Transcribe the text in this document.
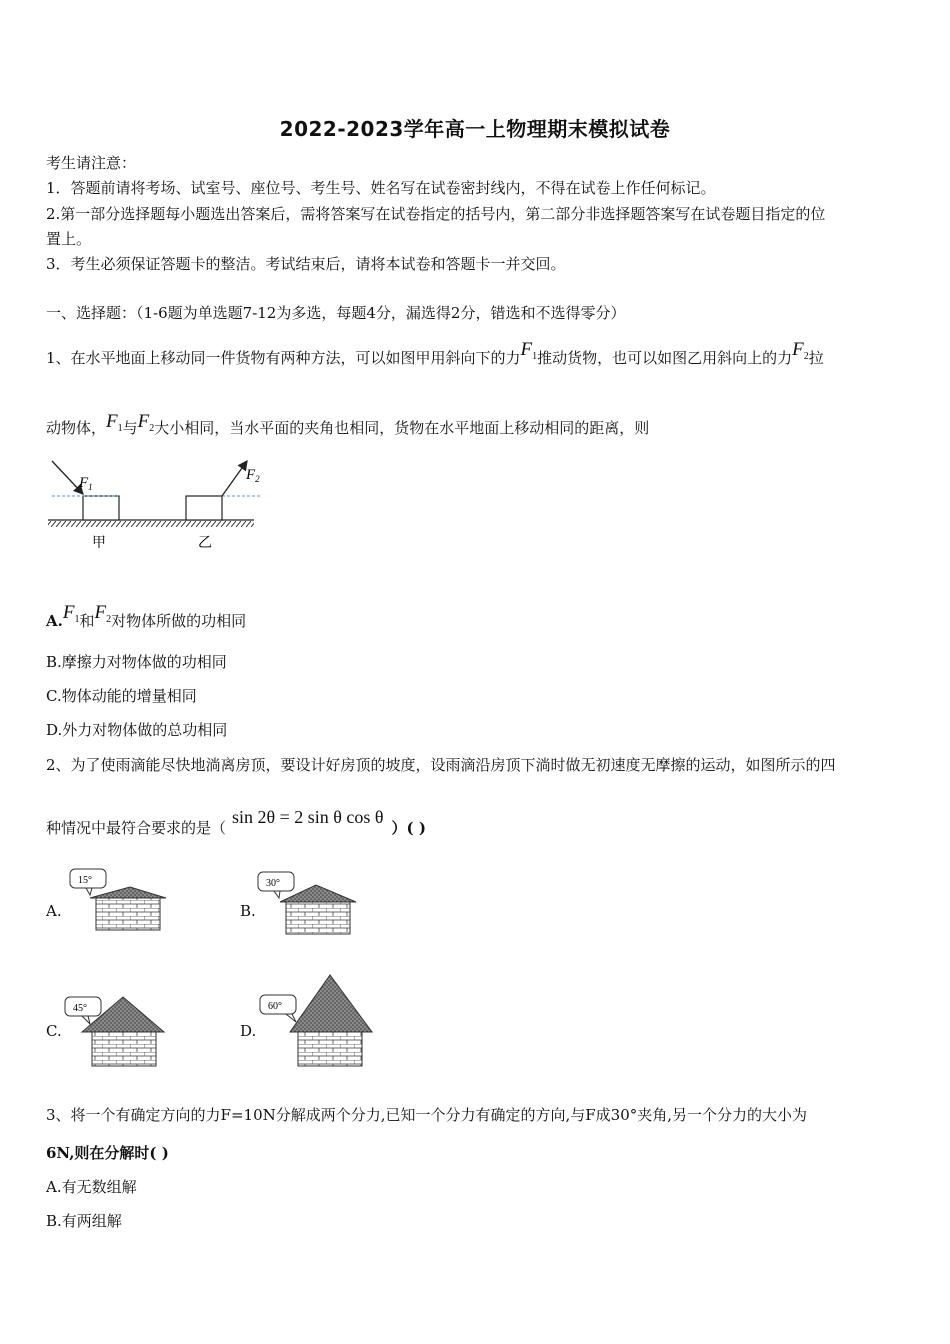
2022-2023学年高一上物理期末模拟试卷
考生请注意：
1．答题前请将考场、试室号、座位号、考生号、姓名写在试卷密封线内，不得在试卷上作任何标记。
2.第一部分选择题每小题选出答案后，需将答案写在试卷指定的括号内，第二部分非选择题答案写在试卷题目指定的位
置上。
3．考生必须保证答题卡的整洁。考试结束后，请将本试卷和答题卡一并交回。
一、选择题：（1-6题为单选题7-12为多选，每题4分，漏选得2分，错选和不选得零分）
1、在水平地面上移动同一件货物有两种方法，可以如图甲用斜向下的力$F_1$推动货物，也可以如图乙用斜向上的力$F_2$拉
动物体，$F_1$与$F_2$大小相同，当水平面的夹角也相同，货物在水平地面上移动相同的距离，则
$F_1$
$F_2$
甲	乙
$A.F_1$和$F_2$对物体所做的功相同
B.摩擦力对物体做的功相同
C.物体动能的增量相同
D.外力对物体做的总功相同
2、为了使雨滴能尽快地淌离房顶，要设计好房顶的坡度，设雨滴沿房顶下淌时做无初速度无摩擦的运动，如图所示的四
种情况中最符合要求的是（sin 2θ = 2 sin θ cos θ）( )
A.	B.
C.	D.
15°	30°
45°	60°
3、将一个有确定方向的力F=10N分解成两个分力,已知一个分力有确定的方向,与F成30°夹角,另一个分力的大小为
6N,则在分解时( )
A.有无数组解
B.有两组解
